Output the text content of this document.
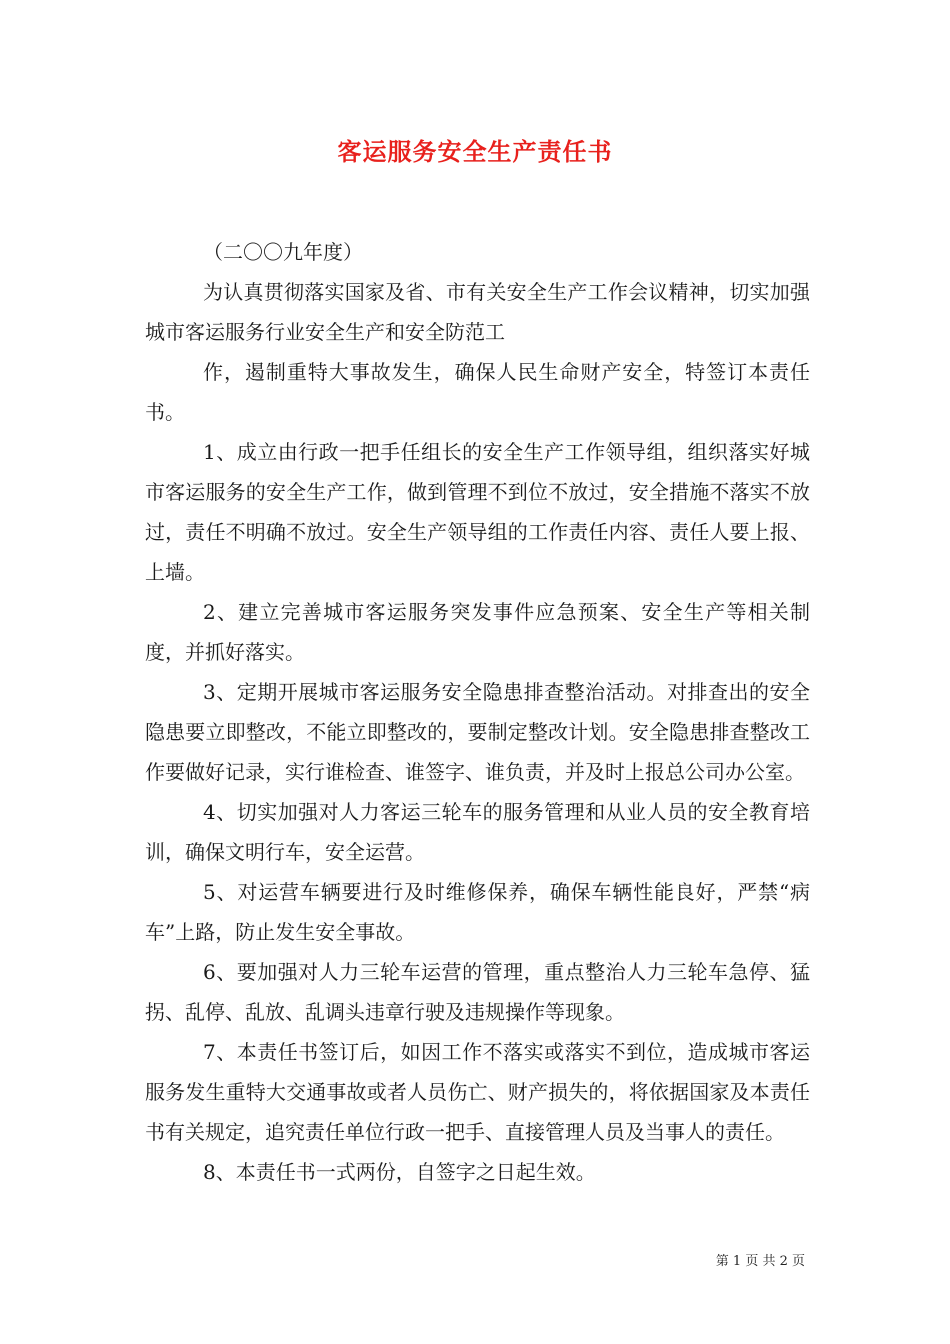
客运服务安全生产责任书

（二〇〇九年度）

为认真贯彻落实国家及省、市有关安全生产工作会议精神，切实加强城市客运服务行业安全生产和安全防范工

作，遏制重特大事故发生，确保人民生命财产安全，特签订本责任书。

1、成立由行政一把手任组长的安全生产工作领导组，组织落实好城市客运服务的安全生产工作，做到管理不到位不放过，安全措施不落实不放过，责任不明确不放过。安全生产领导组的工作责任内容、责任人要上报、上墙。

2、建立完善城市客运服务突发事件应急预案、安全生产等相关制度，并抓好落实。

3、定期开展城市客运服务安全隐患排查整治活动。对排查出的安全隐患要立即整改，不能立即整改的，要制定整改计划。安全隐患排查整改工作要做好记录，实行谁检查、谁签字、谁负责，并及时上报总公司办公室。

4、切实加强对人力客运三轮车的服务管理和从业人员的安全教育培训，确保文明行车，安全运营。

5、对运营车辆要进行及时维修保养，确保车辆性能良好，严禁“病车”上路，防止发生安全事故。

6、要加强对人力三轮车运营的管理，重点整治人力三轮车急停、猛拐、乱停、乱放、乱调头违章行驶及违规操作等现象。

7、本责任书签订后，如因工作不落实或落实不到位，造成城市客运服务发生重特大交通事故或者人员伤亡、财产损失的，将依据国家及本责任书有关规定，追究责任单位行政一把手、直接管理人员及当事人的责任。

8、本责任书一式两份，自签字之日起生效。

第 1 页 共 2 页
